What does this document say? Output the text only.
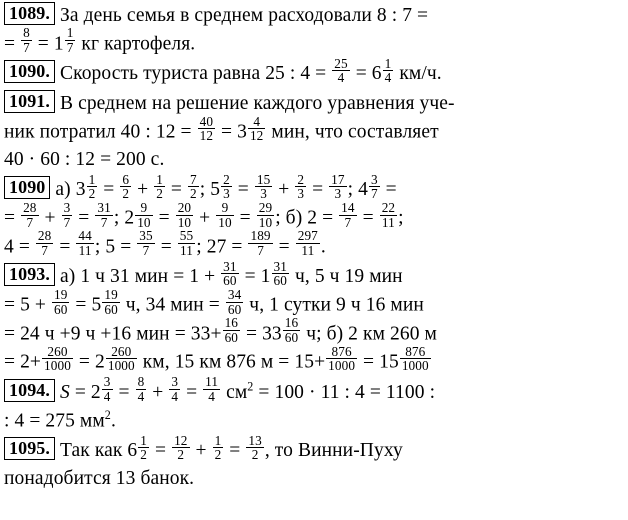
1089. За день семья в среднем расходовали 8 : 7 =
= $\frac{8}{7} = 1 \frac{1}{7}$ кг картофеля.
1090. Скорость туриста равна 25 : $4 = \frac{25}{4} = 6 \frac{1}{4} км/ч$.
1091. В среднем на решение каждого уравнения уче-
ник потратил 40 : $12 = \frac{40}{12} = 3 \frac{4}{12}$ мин, что составляет
40 · 60 : 12 = 200 с.
1090 а) $3 \frac{1}{2} = \frac{6}{2} + \frac{1}{2} = \frac{7}{2}$ ; $5 \frac{2}{3} = \frac{15}{3} + \frac{2}{3} = \frac{17}{3}$ ; $4 \frac{3}{7}$ =
= $\frac{28}{7} + \frac{3}{7} = \frac{31}{7}$ ; $2 \frac{9}{10} = \frac{20}{10} + \frac{9}{10} = \frac{29}{10}$ ; б) $2 = \frac{14}{7} = \frac{22}{11}$ ;
$4 = \frac{28}{7} = \frac{44}{11}$ ; $5 = \frac{35}{7} = \frac{55}{11}$ ; $27 = \frac{189}{7} = \frac{297}{11}$ .
1093. а) 1 ч 31 мин = $1 + \frac{31}{60} = 1 \frac{31}{60} ч$, 5 ч 19 мин
= $5 + \frac{19}{60} = 5 \frac{19}{60} ч$, 34 мин = $\frac{34}{60} ч$, 1 сутки 9 ч 16 мин
= 24 ч +9 ч +16 мин = $33+ \frac{16}{60} = 33 \frac{16}{60} ч$; б) 2 км 260 м
= $2+ \frac{260}{1000} = 2 \frac{260}{1000}$ км, 15 км 876 $м = 15+ \frac{876}{1000} = 15 \frac{876}{1000}$
1094. $S = 2 \frac{3}{4} = \frac{8}{4} + \frac{3}{4} = \frac{11}{4} см^2 = 100 \cdot 11$ : 4 = 1100 :
: 4 = 275 $мм^2$.
1095. Так как $6 \frac{1}{2} = \frac{12}{2} + \frac{1}{2} = \frac{13}{2}$ , то Винни-Пуху
понадобится 13 банок.
